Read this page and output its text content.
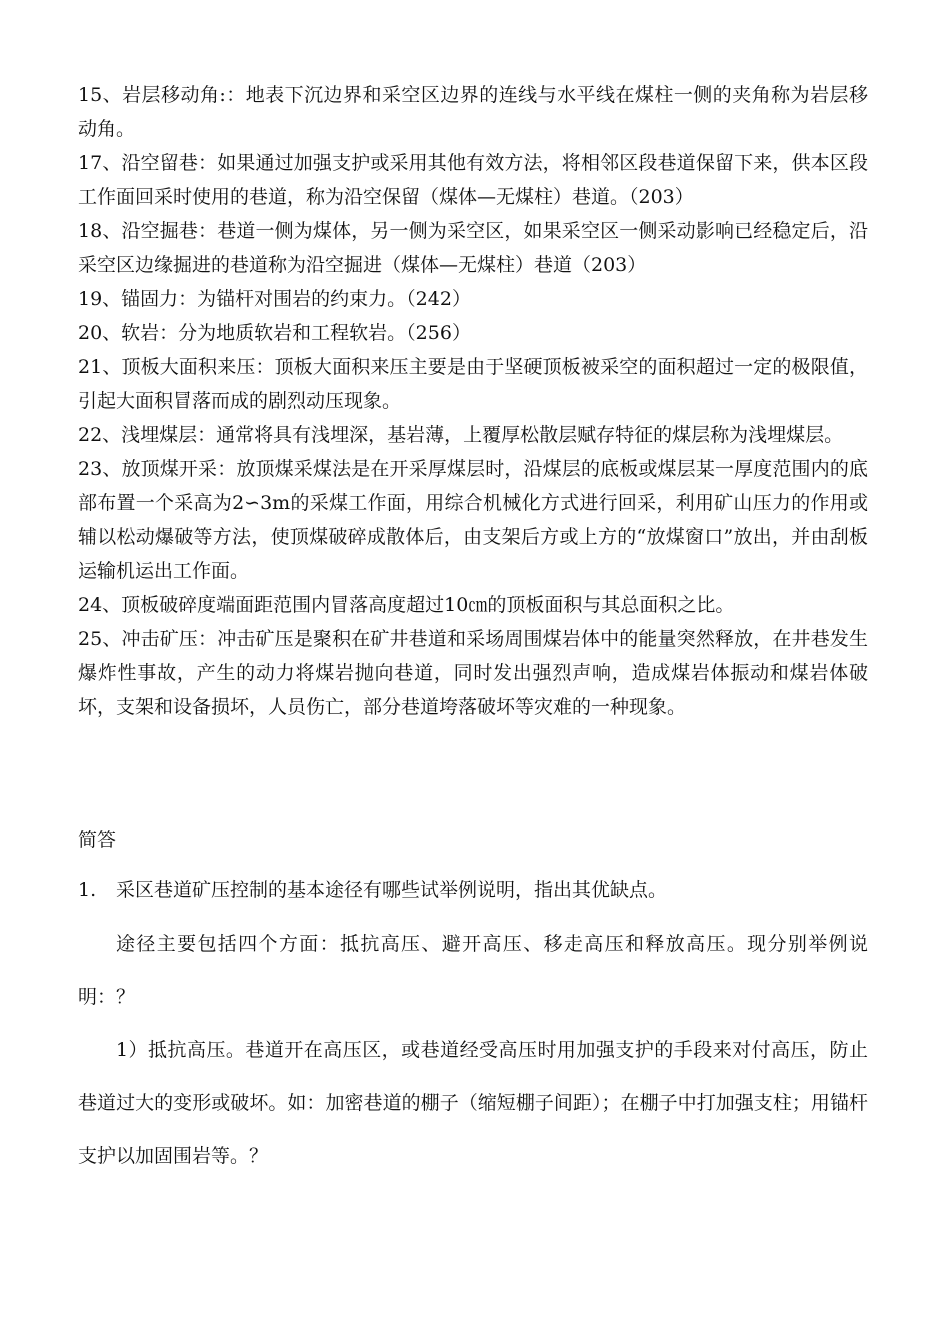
15、岩层移动角:：地表下沉边界和采空区边界的连线与水平线在煤柱一侧的夹角称为岩层移动角。

17、沿空留巷：如果通过加强支护或采用其他有效方法，将相邻区段巷道保留下来，供本区段工作面回采时使用的巷道，称为沿空保留（煤体—无煤柱）巷道。（203）

18、沿空掘巷：巷道一侧为煤体，另一侧为采空区，如果采空区一侧采动影响已经稳定后，沿采空区边缘掘进的巷道称为沿空掘进（煤体—无煤柱）巷道（203）

19、锚固力：为锚杆对围岩的约束力。（242）

20、软岩：分为地质软岩和工程软岩。（256）

21、顶板大面积来压：顶板大面积来压主要是由于坚硬顶板被采空的面积超过一定的极限值，引起大面积冒落而成的剧烈动压现象。

22、浅埋煤层：通常将具有浅埋深，基岩薄，上覆厚松散层赋存特征的煤层称为浅埋煤层。

23、放顶煤开采：放顶煤采煤法是在开采厚煤层时，沿煤层的底板或煤层某一厚度范围内的底部布置一个采高为2∽3m的采煤工作面，用综合机械化方式进行回采，利用矿山压力的作用或辅以松动爆破等方法，使顶煤破碎成散体后，由支架后方或上方的“放煤窗口”放出，并由刮板运输机运出工作面。

24、顶板破碎度端面距范围内冒落高度超过10㎝的顶板面积与其总面积之比。

25、冲击矿压：冲击矿压是聚积在矿井巷道和采场周围煤岩体中的能量突然释放，在井巷发生爆炸性事故，产生的动力将煤岩抛向巷道，同时发出强烈声响，造成煤岩体振动和煤岩体破坏，支架和设备损坏，人员伤亡，部分巷道垮落破坏等灾难的一种现象。

简答

1. 采区巷道矿压控制的基本途径有哪些试举例说明，指出其优缺点。

途径主要包括四个方面：抵抗高压、避开高压、移走高压和释放高压。现分别举例说明：？

1）抵抗高压。巷道开在高压区，或巷道经受高压时用加强支护的手段来对付高压，防止巷道过大的变形或破坏。如：加密巷道的棚子（缩短棚子间距）；在棚子中打加强支柱；用锚杆支护以加固围岩等。？
